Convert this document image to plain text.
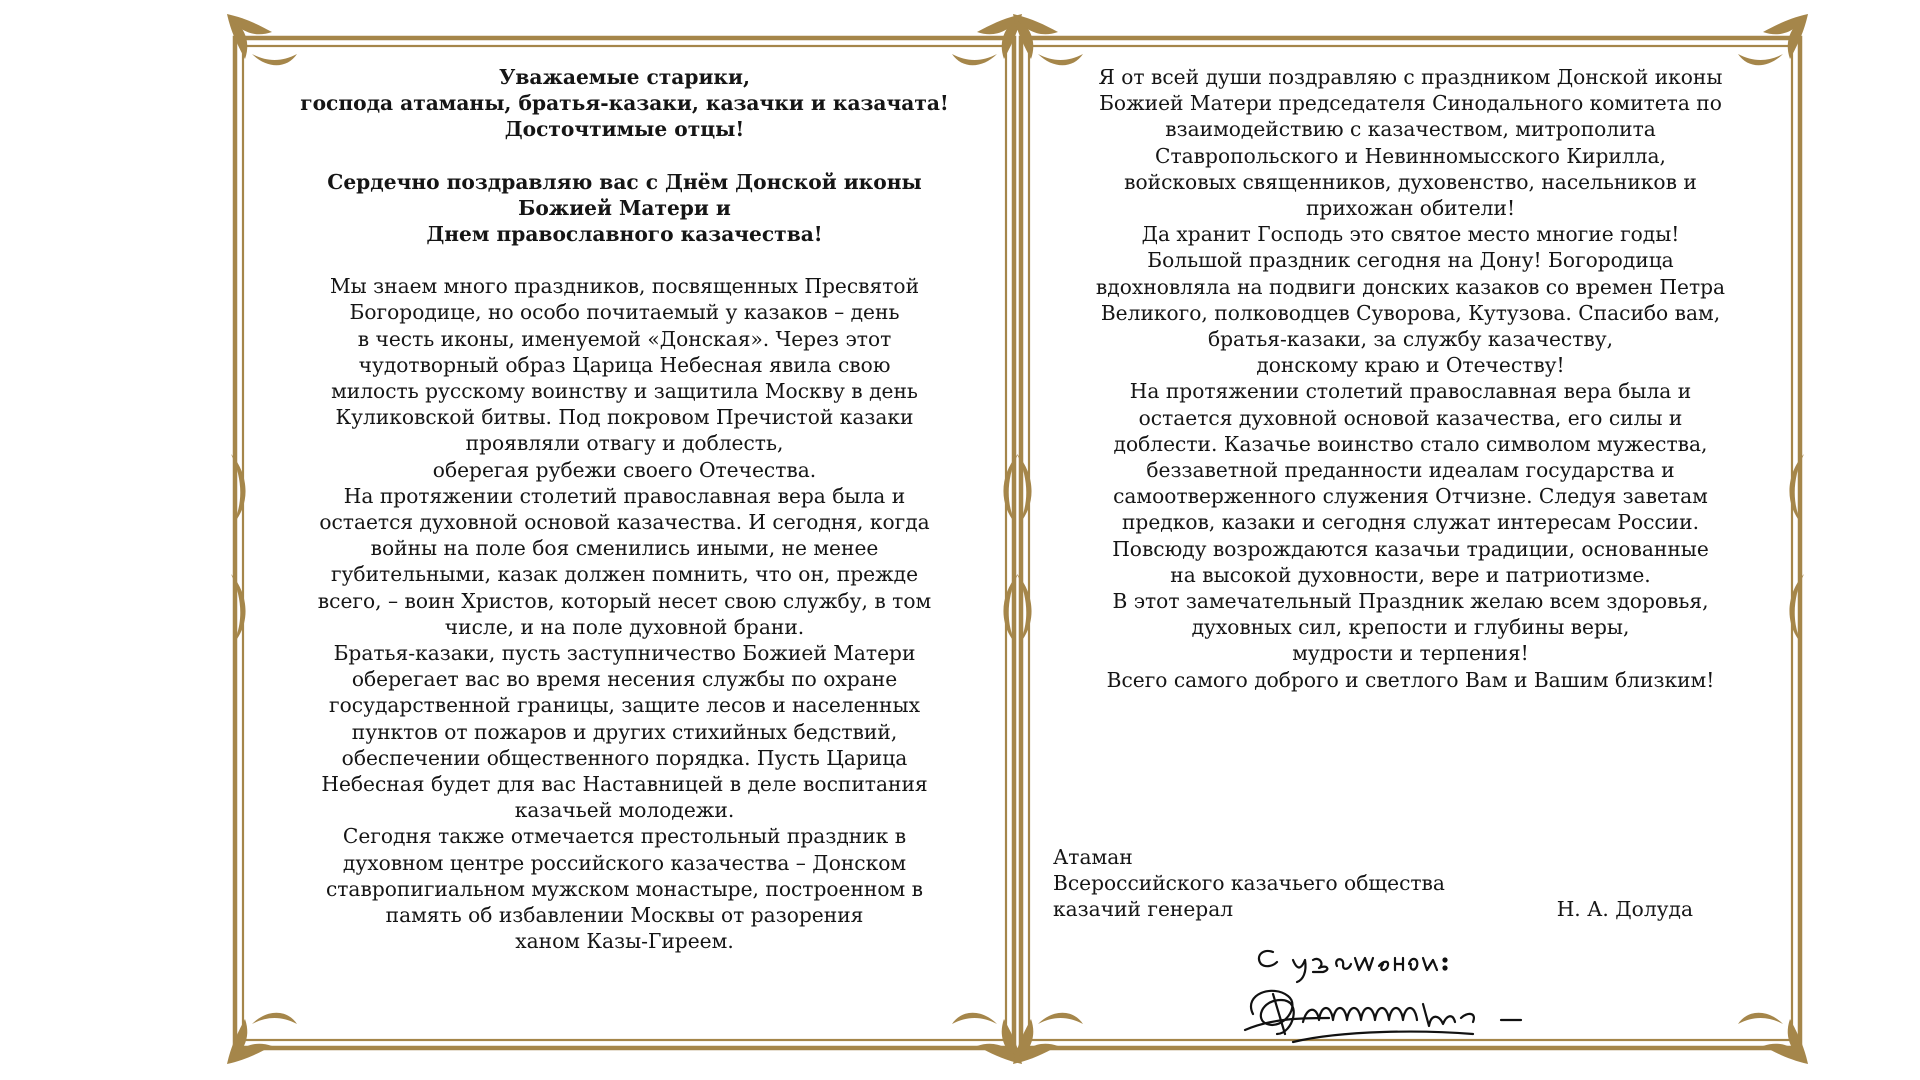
Уважаемые старики,
господа атаманы, братья-казаки, казачки и казачата!
Досточтимые отцы!
Сердечно поздравляю вас с Днём Донской иконы
Божией Матери и
Днем православного казачества!
Мы знаем много праздников, посвященных Пресвятой
Богородице, но особо почитаемый у казаков – день
в честь иконы, именуемой «Донская». Через этот
чудотворный образ Царица Небесная явила свою
милость русскому воинству и защитила Москву в день
Куликовской битвы. Под покровом Пречистой казаки
проявляли отвагу и доблесть,
оберегая рубежи своего Отечества.
На протяжении столетий православная вера была и
остается духовной основой казачества. И сегодня, когда
войны на поле боя сменились иными, не менее
губительными, казак должен помнить, что он, прежде
всего, – воин Христов, который несет свою службу, в том
числе, и на поле духовной брани.
Братья-казаки, пусть заступничество Божией Матери
оберегает вас во время несения службы по охране
государственной границы, защите лесов и населенных
пунктов от пожаров и других стихийных бедствий,
обеспечении общественного порядка. Пусть Царица
Небесная будет для вас Наставницей в деле воспитания
казачьей молодежи.
Сегодня также отмечается престольный праздник в
духовном центре российского казачества – Донском
ставропигиальном мужском монастыре, построенном в
память об избавлении Москвы от разорения
ханом Казы-Гиреем.
Я от всей души поздравляю с праздником Донской иконы
Божией Матери председателя Синодального комитета по
взаимодействию с казачеством, митрополита
Ставропольского и Невинномысского Кирилла,
войсковых священников, духовенство, насельников и
прихожан обители!
Да хранит Господь это святое место многие годы!
Большой праздник сегодня на Дону! Богородица
вдохновляла на подвиги донских казаков со времен Петра
Великого, полководцев Суворова, Кутузова. Спасибо вам,
братья-казаки, за службу казачеству,
донскому краю и Отечеству!
На протяжении столетий православная вера была и
остается духовной основой казачества, его силы и
доблести. Казачье воинство стало символом мужества,
беззаветной преданности идеалам государства и
самоотверженного служения Отчизне. Следуя заветам
предков, казаки и сегодня служат интересам России.
Повсюду возрождаются казачьи традиции, основанные
на высокой духовности, вере и патриотизме.
В этот замечательный Праздник желаю всем здоровья,
духовных сил, крепости и глубины веры,
мудрости и терпения!
Всего самого доброго и светлого Вам и Вашим близким!
Атаман
Всероссийского казачьего общества
казачий генерал	Н. А. Долуда
